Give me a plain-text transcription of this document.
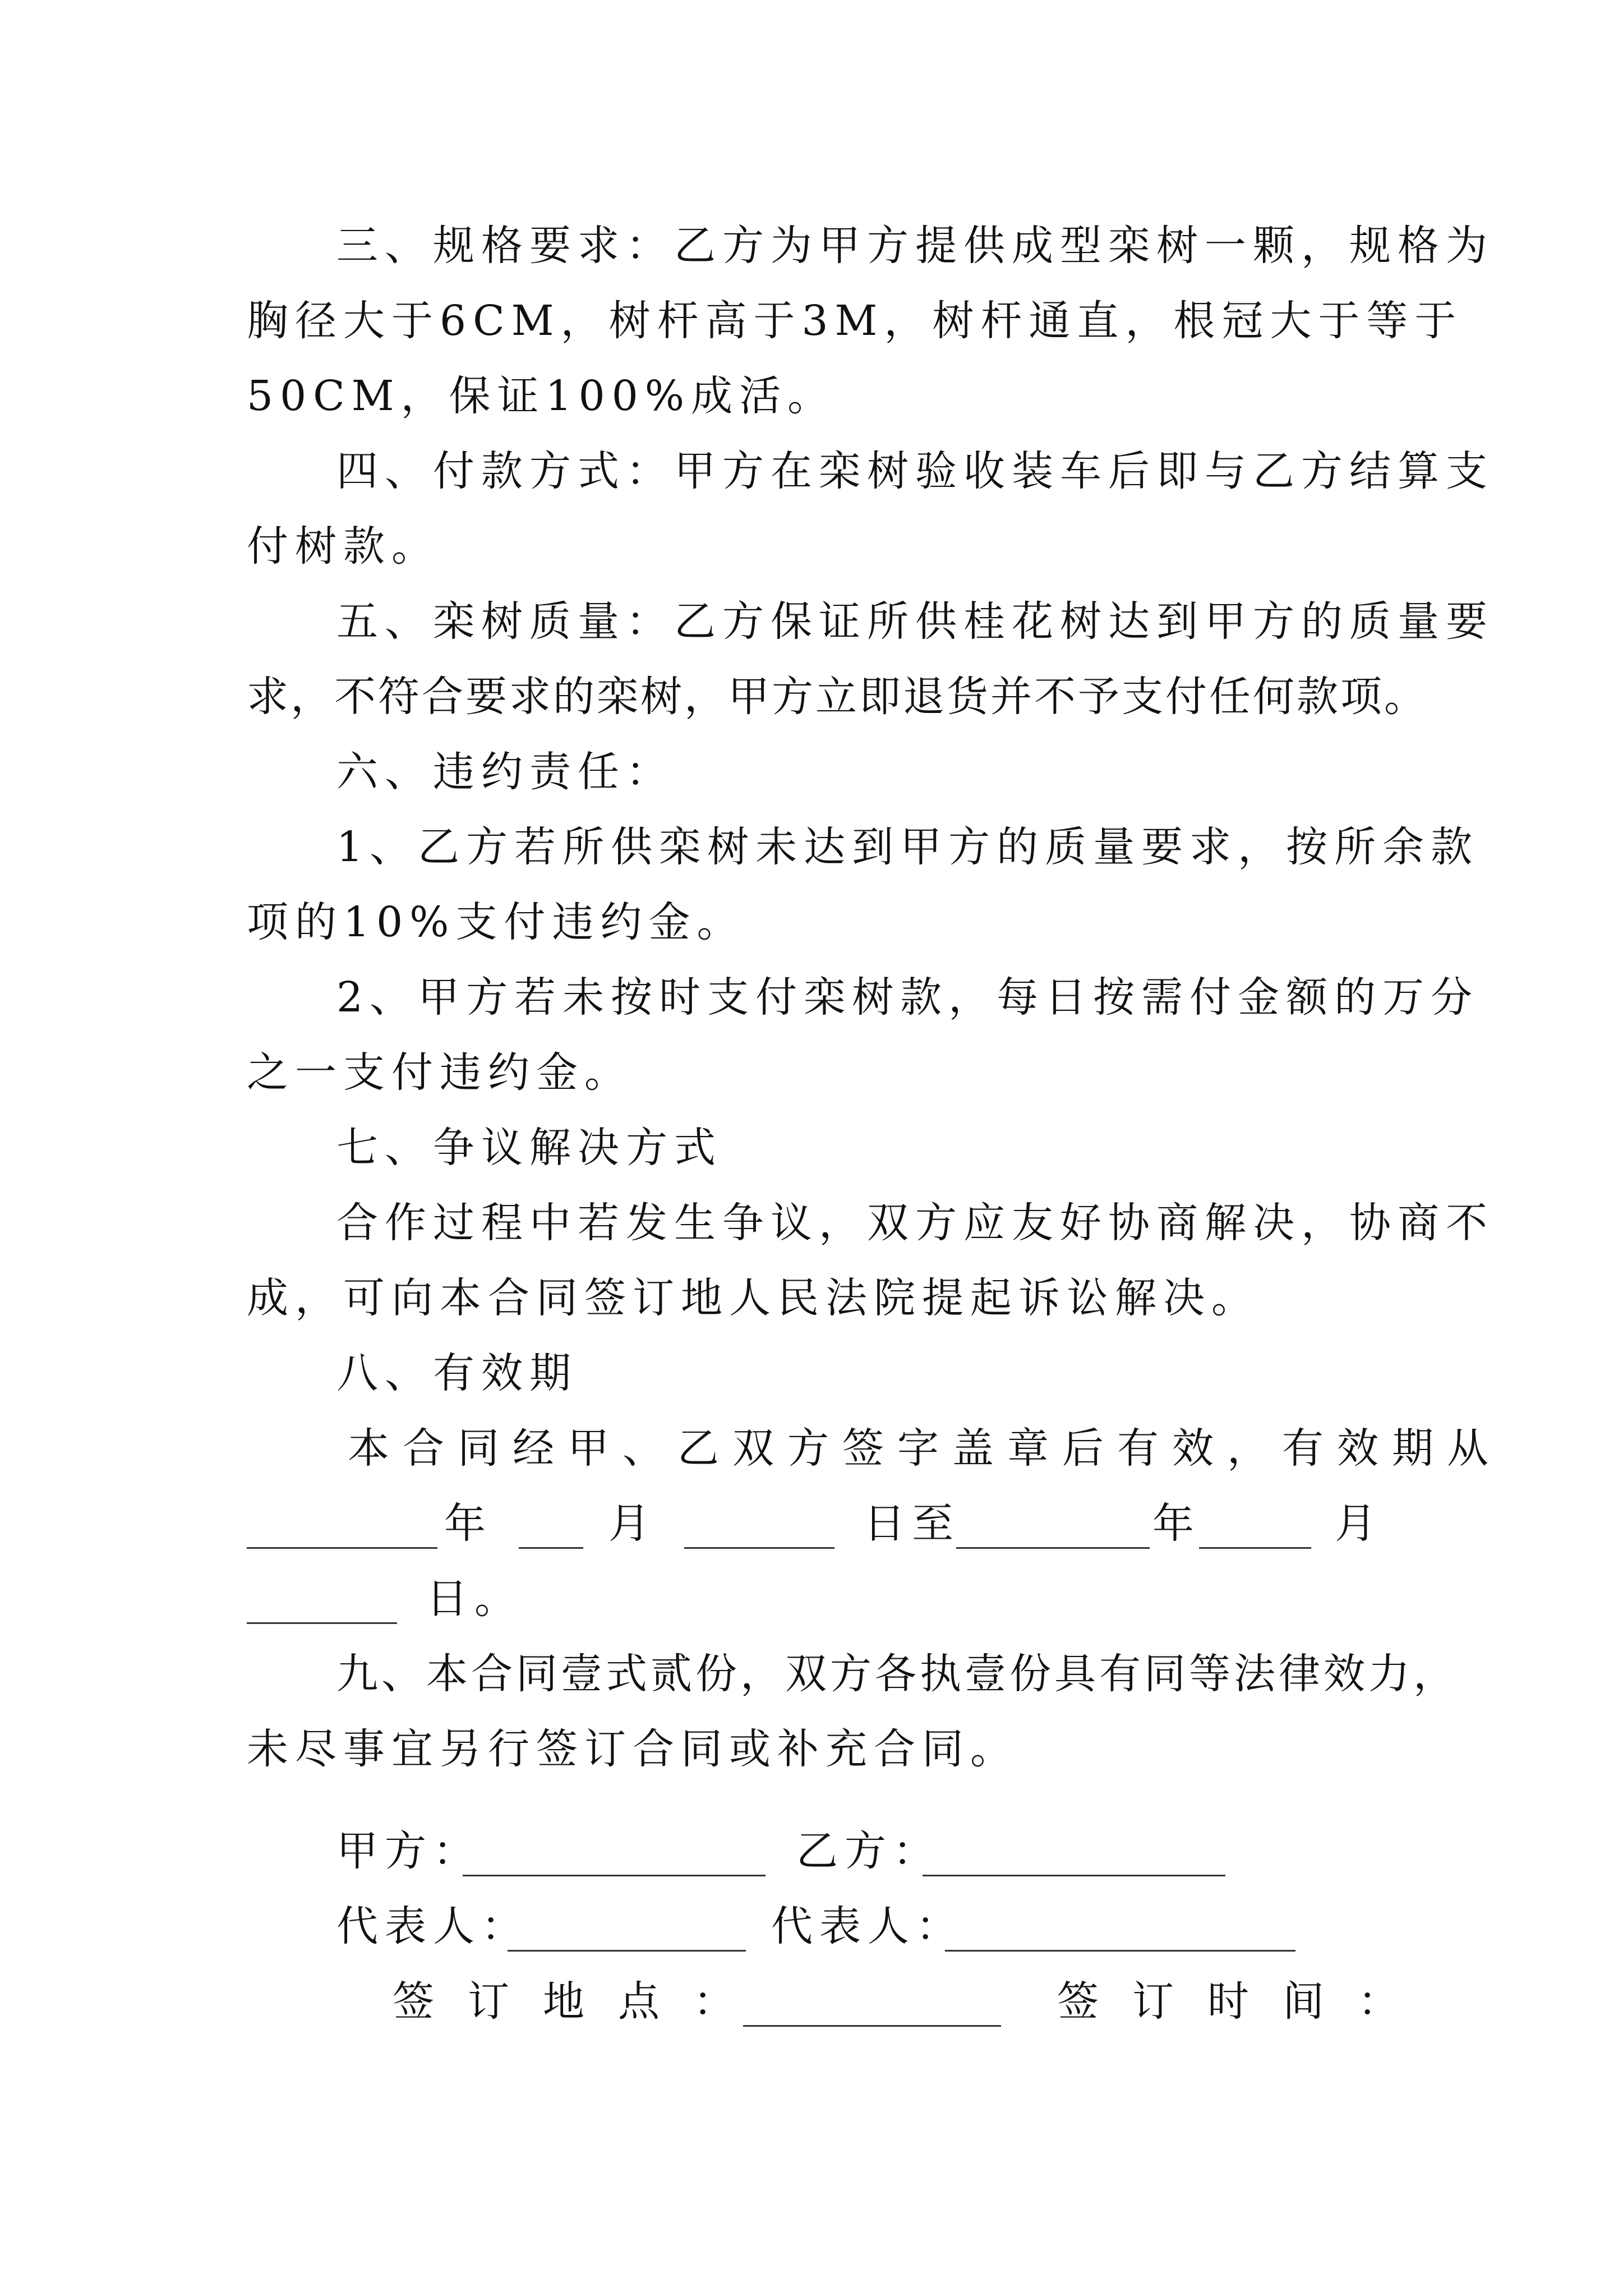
三、规格要求：乙方为甲方提供成型栾树一颗，规格为
胸径大于6CM，树杆高于3M，树杆通直，根冠大于等于
50CM，保证100%成活。
四、付款方式：甲方在栾树验收装车后即与乙方结算支
付树款。
五、栾树质量：乙方保证所供桂花树达到甲方的质量要
求，不符合要求的栾树，甲方立即退货并不予支付任何款项。
六、违约责任：
1、乙方若所供栾树未达到甲方的质量要求，按所余款
项的10%支付违约金。
2、甲方若未按时支付栾树款，每日按需付金额的万分
之一支付违约金。
七、争议解决方式
合作过程中若发生争议，双方应友好协商解决，协商不
成，可向本合同签订地人民法院提起诉讼解决。
八、有效期
本合同经甲、乙双方签字盖章后有效，有效期从
年	月	日至	年	月
日。
九、本合同壹式贰份，双方各执壹份具有同等法律效力，
未尽事宜另行签订合同或补充合同。
甲方：	乙方：
代表人：	代表人：
签订地点：	签订时间：
